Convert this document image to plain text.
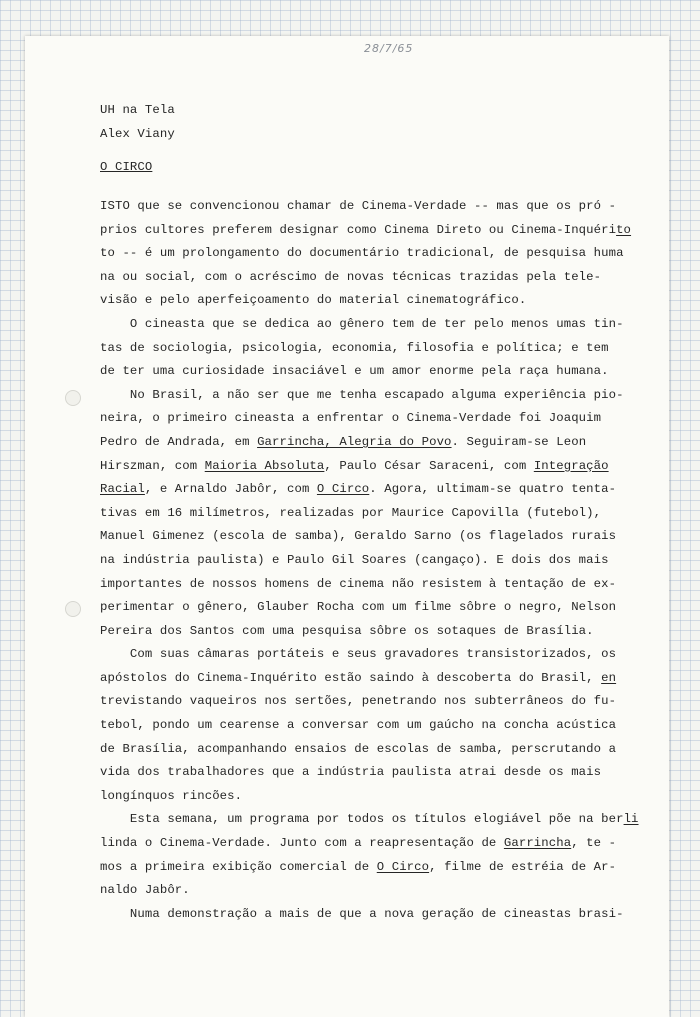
28/7/65
UH na Tela
Alex Viany
O CIRCO
ISTO que se convencionou chamar de Cinema-Verdade -- mas que os pró -
prios cultores preferem designar como Cinema Direto ou Cinema-Inquérito
to -- é um prolongamento do documentário tradicional, de pesquisa huma
na ou social, com o acréscimo de novas técnicas trazidas pela tele-
visão e pelo aperfeiçoamento do material cinematográfico.
O cineasta que se dedica ao gênero tem de ter pelo menos umas tin-
tas de sociologia, psicologia, economia, filosofia e política; e tem
de ter uma curiosidade insaciável e um amor enorme pela raça humana.
No Brasil, a não ser que me tenha escapado alguma experiência pio-
neira, o primeiro cineasta a enfrentar o Cinema-Verdade foi Joaquim
Pedro de Andrada, em Garrincha, Alegria do Povo. Seguiram-se Leon
Hirszman, com Maioria Absoluta, Paulo César Saraceni, com Integração
Racial, e Arnaldo Jabôr, com O Circo. Agora, ultimam-se quatro tenta-
tivas em 16 milímetros, realizadas por Maurice Capovilla (futebol),
Manuel Gimenez (escola de samba), Geraldo Sarno (os flagelados rurais
na indústria paulista) e Paulo Gil Soares (cangaço). E dois dos mais
importantes de nossos homens de cinema não resistem à tentação de ex-
perimentar o gênero, Glauber Rocha com um filme sôbre o negro, Nelson
Pereira dos Santos com uma pesquisa sôbre os sotaques de Brasília.
Com suas câmaras portáteis e seus gravadores transistorizados, os
apóstolos do Cinema-Inquérito estão saindo à descoberta do Brasil, en
trevistando vaqueiros nos sertões, penetrando nos subterrâneos do fu-
tebol, pondo um cearense a conversar com um gaúcho na concha acústica
de Brasília, acompanhando ensaios de escolas de samba, perscrutando a
vida dos trabalhadores que a indústria paulista atrai desde os mais
longínquos rincões.
Esta semana, um programa por todos os títulos elogiável põe na berli
linda o Cinema-Verdade. Junto com a reapresentação de Garrincha, te -
mos a primeira exibição comercial de O Circo, filme de estréia de Ar-
naldo Jabôr.
Numa demonstração a mais de que a nova geração de cineastas brasi-
